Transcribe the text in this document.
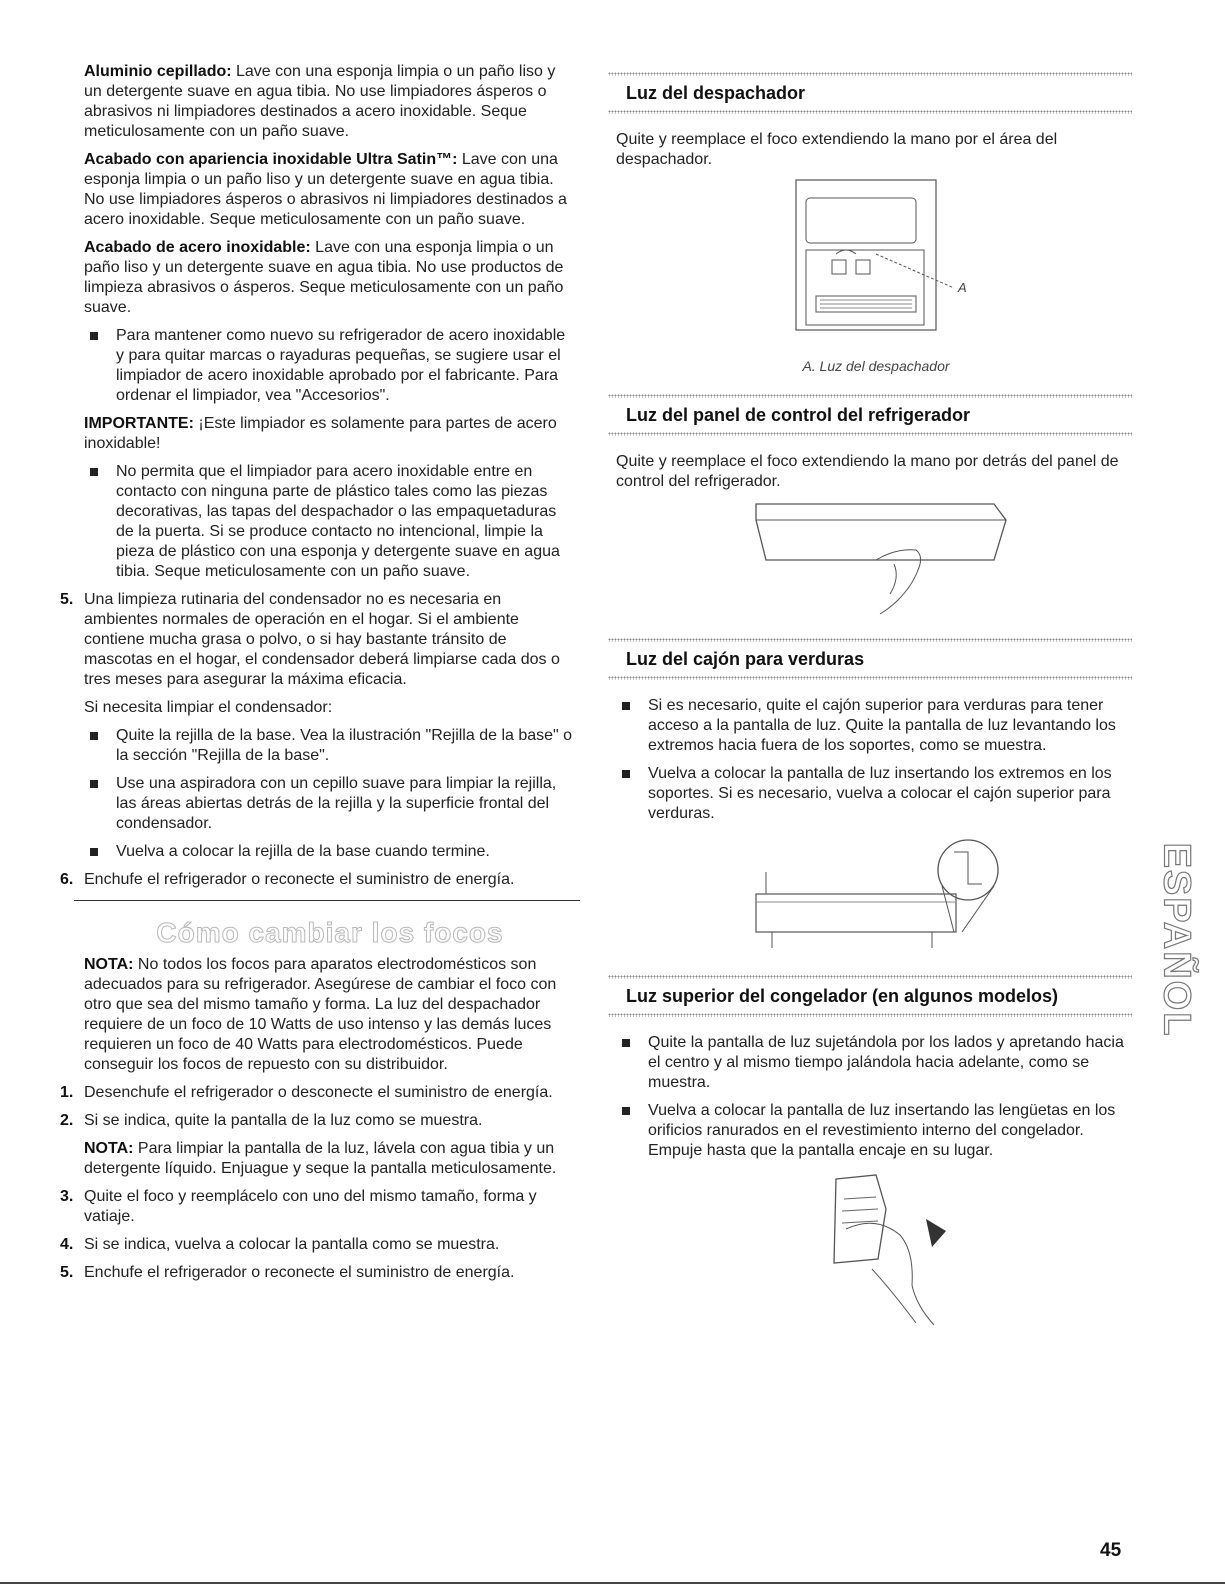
Aluminio cepillado: Lave con una esponja limpia o un paño liso y un detergente suave en agua tibia. No use limpiadores ásperos o abrasivos ni limpiadores destinados a acero inoxidable. Seque meticulosamente con un paño suave.

Acabado con apariencia inoxidable Ultra Satin™: Lave con una esponja limpia o un paño liso y un detergente suave en agua tibia. No use limpiadores ásperos o abrasivos ni limpiadores destinados a acero inoxidable. Seque meticulosamente con un paño suave.

Acabado de acero inoxidable: Lave con una esponja limpia o un paño liso y un detergente suave en agua tibia. No use productos de limpieza abrasivos o ásperos. Seque meticulosamente con un paño suave.

Para mantener como nuevo su refrigerador de acero inoxidable y para quitar marcas o rayaduras pequeñas, se sugiere usar el limpiador de acero inoxidable aprobado por el fabricante. Para ordenar el limpiador, vea "Accesorios".

IMPORTANTE: ¡Este limpiador es solamente para partes de acero inoxidable!

No permita que el limpiador para acero inoxidable entre en contacto con ninguna parte de plástico tales como las piezas decorativas, las tapas del despachador o las empaquetaduras de la puerta. Si se produce contacto no intencional, limpie la pieza de plástico con una esponja y detergente suave en agua tibia. Seque meticulosamente con un paño suave.
5. Una limpieza rutinaria del condensador no es necesaria en ambientes normales de operación en el hogar. Si el ambiente contiene mucha grasa o polvo, o si hay bastante tránsito de mascotas en el hogar, el condensador deberá limpiarse cada dos o tres meses para asegurar la máxima eficacia.

Si necesita limpiar el condensador:

Quite la rejilla de la base. Vea la ilustración "Rejilla de la base" o la sección "Rejilla de la base".
Use una aspiradora con un cepillo suave para limpiar la rejilla, las áreas abiertas detrás de la rejilla y la superficie frontal del condensador.
Vuelva a colocar la rejilla de la base cuando termine.
6. Enchufe el refrigerador o reconecte el suministro de energía.
Cómo cambiar los focos

NOTA: No todos los focos para aparatos electrodomésticos son adecuados para su refrigerador. Asegúrese de cambiar el foco con otro que sea del mismo tamaño y forma. La luz del despachador requiere de un foco de 10 Watts de uso intenso y las demás luces requieren un foco de 40 Watts para electrodomésticos. Puede conseguir los focos de repuesto con su distribuidor.

1. Desenchufe el refrigerador o desconecte el suministro de energía.
2. Si se indica, quite la pantalla de la luz como se muestra.

NOTA: Para limpiar la pantalla de la luz, lávela con agua tibia y un detergente líquido. Enjuague y seque la pantalla meticulosamente.

3. Quite el foco y reemplácelo con uno del mismo tamaño, forma y vatiaje.
4. Si se indica, vuelva a colocar la pantalla como se muestra.
5. Enchufe el refrigerador o reconecte el suministro de energía.
Luz del despachador

Quite y reemplace el foco extendiendo la mano por el área del despachador.

A
A. Luz del despachador
Luz del panel de control del refrigerador

Quite y reemplace el foco extendiendo la mano por detrás del panel de control del refrigerador.

Luz del cajón para verduras
Si es necesario, quite el cajón superior para verduras para tener acceso a la pantalla de luz. Quite la pantalla de luz levantando los extremos hacia fuera de los soportes, como se muestra.
Vuelva a colocar la pantalla de luz insertando los extremos en los soportes. Si es necesario, vuelva a colocar el cajón superior para verduras.
Luz superior del congelador (en algunos modelos)
Quite la pantalla de luz sujetándola por los lados y apretando hacia el centro y al mismo tiempo jalándola hacia adelante, como se muestra.
Vuelva a colocar la pantalla de luz insertando las lengüetas en los orificios ranurados en el revestimiento interno del congelador. Empuje hasta que la pantalla encaje en su lugar.
ESPAÑOL
45
